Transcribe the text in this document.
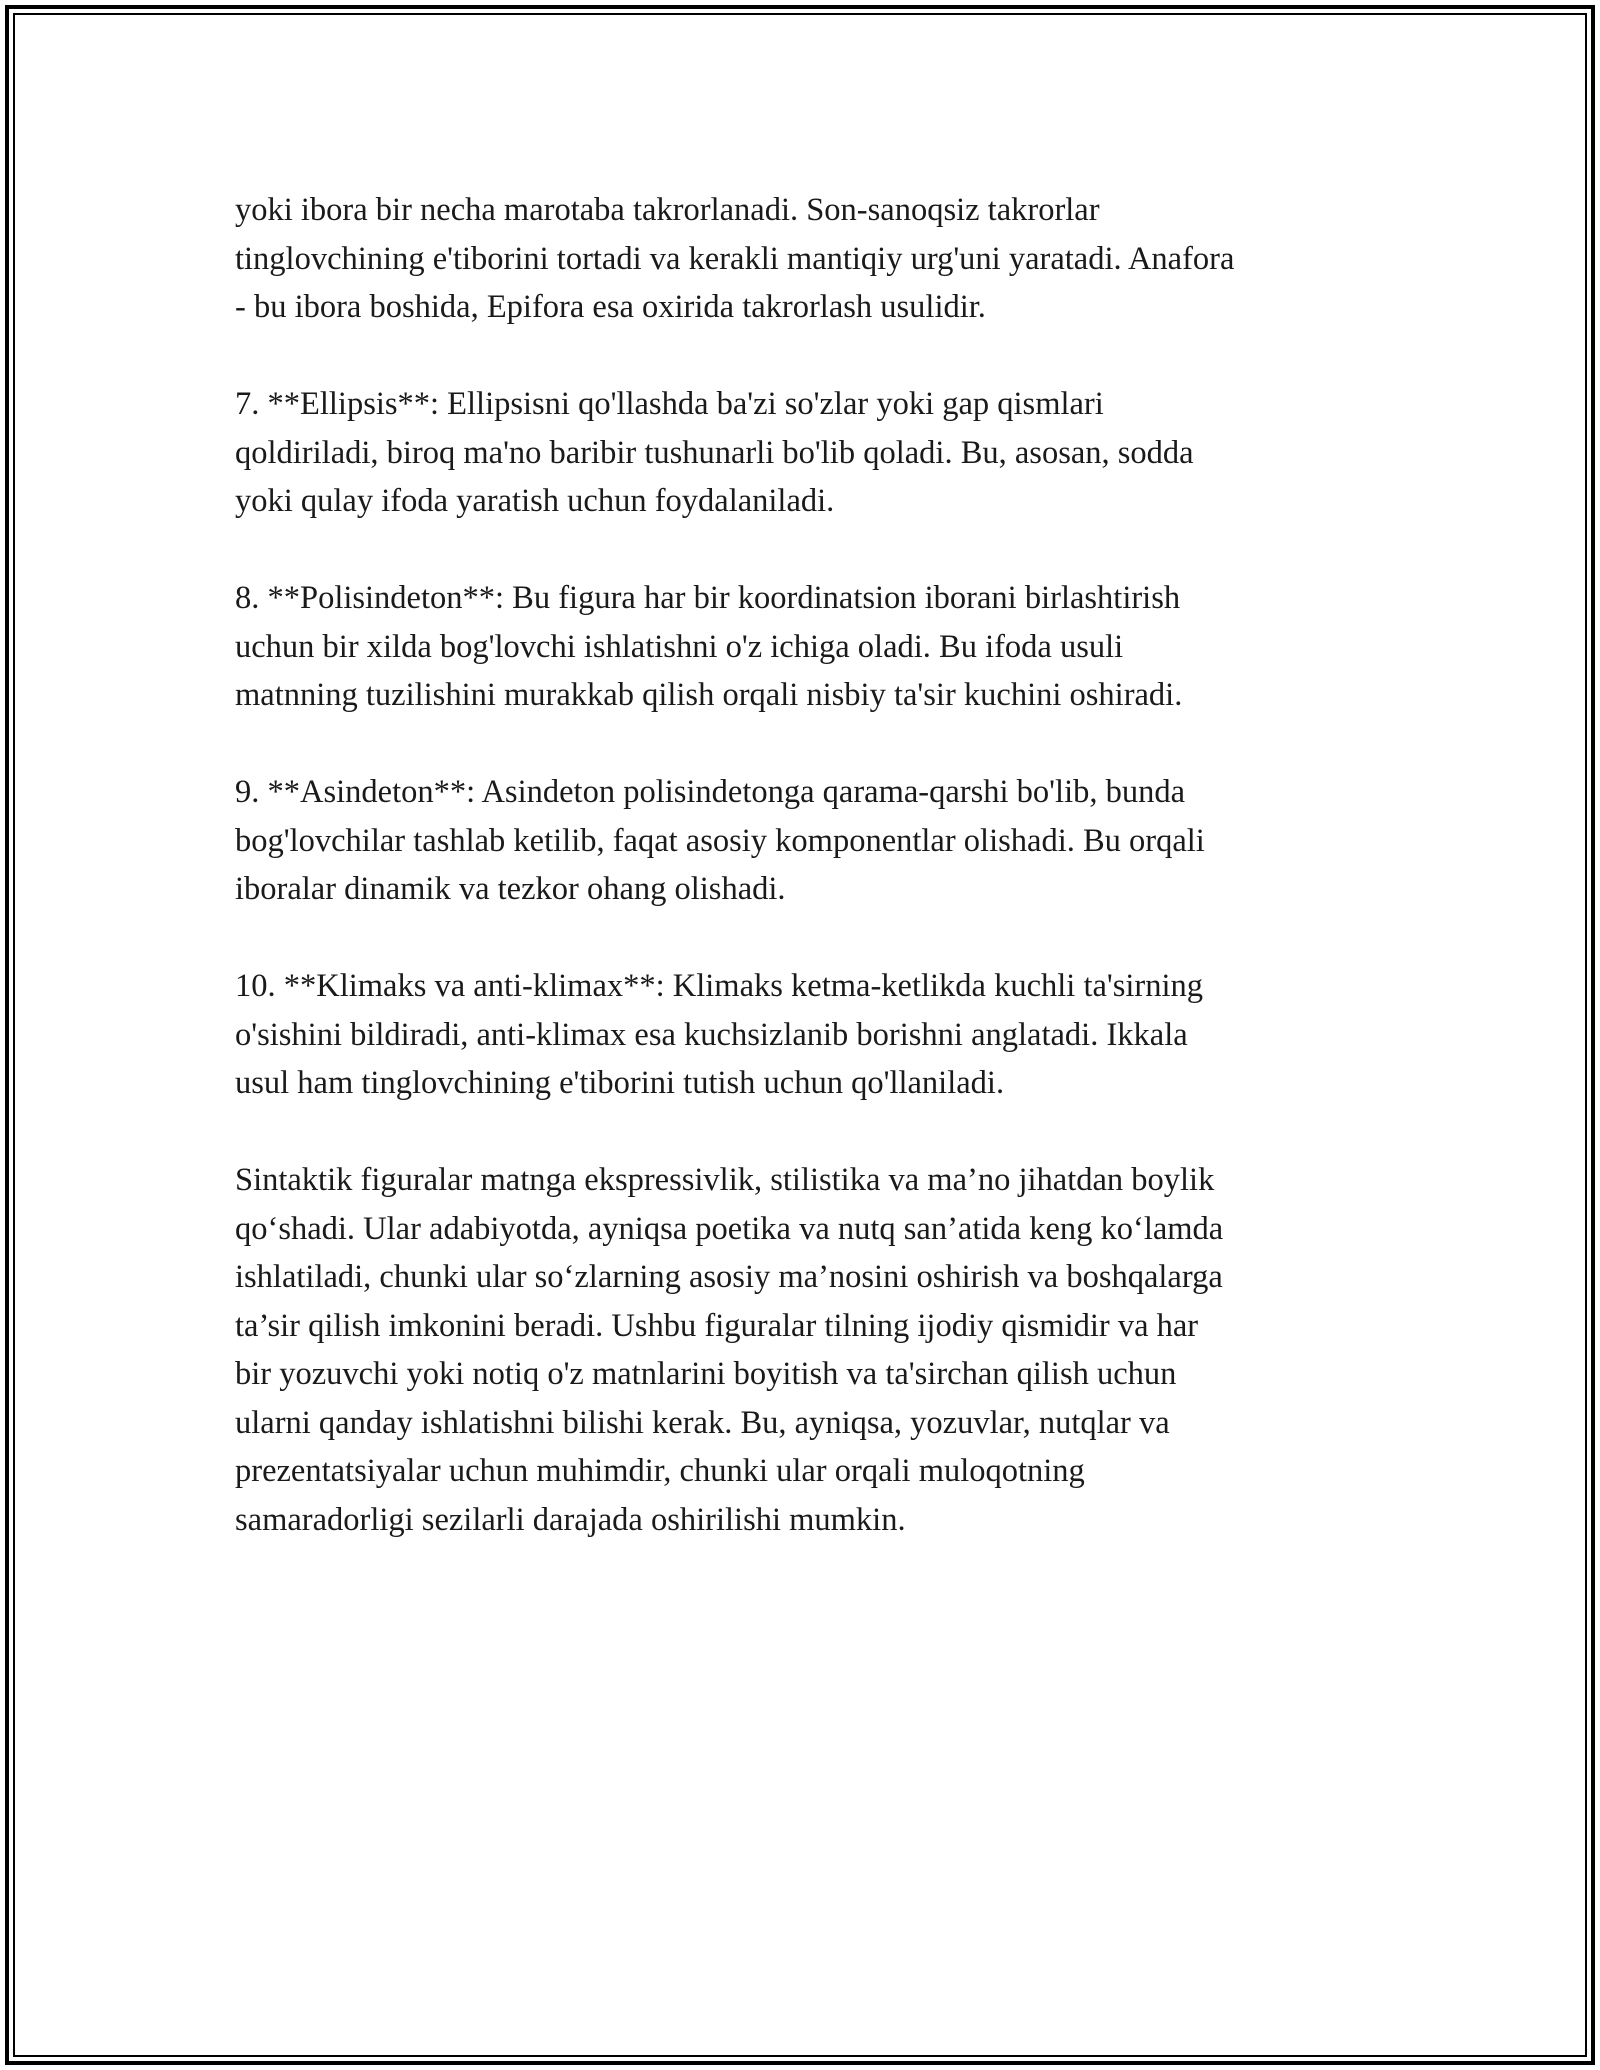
yoki ibora bir necha marotaba takrorlanadi. Son-sanoqsiz takrorlar
tinglovchining e'tiborini tortadi va kerakli mantiqiy urg'uni yaratadi. Anafora
- bu ibora boshida, Epifora esa oxirida takrorlash usulidir.

7. **Ellipsis**: Ellipsisni qo'llashda ba'zi so'zlar yoki gap qismlari
qoldiriladi, biroq ma'no baribir tushunarli bo'lib qoladi. Bu, asosan, sodda
yoki qulay ifoda yaratish uchun foydalaniladi.

8. **Polisindeton**: Bu figura har bir koordinatsion iborani birlashtirish
uchun bir xilda bog'lovchi ishlatishni o'z ichiga oladi. Bu ifoda usuli
matnning tuzilishini murakkab qilish orqali nisbiy ta'sir kuchini oshiradi.

9. **Asindeton**: Asindeton polisindetonga qarama-qarshi bo'lib, bunda
bog'lovchilar tashlab ketilib, faqat asosiy komponentlar olishadi. Bu orqali
iboralar dinamik va tezkor ohang olishadi.

10. **Klimaks va anti-klimax**: Klimaks ketma-ketlikda kuchli ta'sirning
o'sishini bildiradi, anti-klimax esa kuchsizlanib borishni anglatadi. Ikkala
usul ham tinglovchining e'tiborini tutish uchun qo'llaniladi.

Sintaktik figuralar matnga ekspressivlik, stilistika va ma’no jihatdan boylik
qo‘shadi. Ular adabiyotda, ayniqsa poetika va nutq san’atida keng ko‘lamda
ishlatiladi, chunki ular so‘zlarning asosiy ma’nosini oshirish va boshqalarga
ta’sir qilish imkonini beradi. Ushbu figuralar tilning ijodiy qismidir va har
bir yozuvchi yoki notiq o'z matnlarini boyitish va ta'sirchan qilish uchun
ularni qanday ishlatishni bilishi kerak. Bu, ayniqsa, yozuvlar, nutqlar va
prezentatsiyalar uchun muhimdir, chunki ular orqali muloqotning
samaradorligi sezilarli darajada oshirilishi mumkin.
